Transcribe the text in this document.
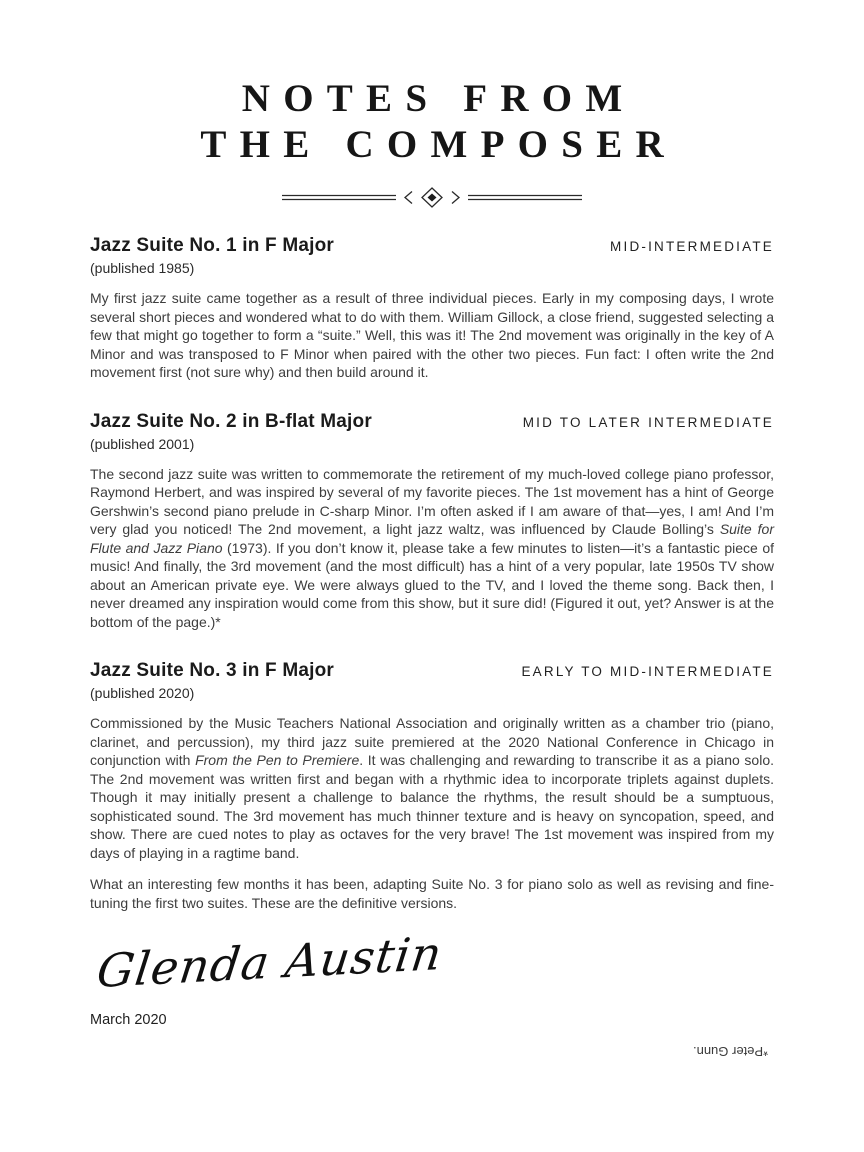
NOTES FROM
THE COMPOSER
Jazz Suite No. 1 in F Major	MID-INTERMEDIATE
(published 1985)

My first jazz suite came together as a result of three individual pieces. Early in my composing days, I wrote several short pieces and wondered what to do with them. William Gillock, a close friend, suggested selecting a few that might go together to form a “suite.” Well, this was it! The 2nd movement was originally in the key of A Minor and was transposed to F Minor when paired with the other two pieces. Fun fact: I often write the 2nd movement first (not sure why) and then build around it.

Jazz Suite No. 2 in B-flat Major	MID TO LATER INTERMEDIATE
(published 2001)

The second jazz suite was written to commemorate the retirement of my much-loved college piano professor, Raymond Herbert, and was inspired by several of my favorite pieces. The 1st movement has a hint of George Gershwin’s second piano prelude in C-sharp Minor. I’m often asked if I am aware of that—yes, I am! And I’m very glad you noticed! The 2nd movement, a light jazz waltz, was influenced by Claude Bolling’s Suite for Flute and Jazz Piano (1973). If you don’t know it, please take a few minutes to listen—it’s a fantastic piece of music! And finally, the 3rd movement (and the most difficult) has a hint of a very popular, late 1950s TV show about an American private eye. We were always glued to the TV, and I loved the theme song. Back then, I never dreamed any inspiration would come from this show, but it sure did! (Figured it out, yet? Answer is at the bottom of the page.)*

Jazz Suite No. 3 in F Major	EARLY TO MID-INTERMEDIATE
(published 2020)

Commissioned by the Music Teachers National Association and originally written as a chamber trio (piano, clarinet, and percussion), my third jazz suite premiered at the 2020 National Conference in Chicago in conjunction with From the Pen to Premiere. It was challenging and rewarding to transcribe it as a piano solo. The 2nd movement was written first and began with a rhythmic idea to incorporate triplets against duplets. Though it may initially present a challenge to balance the rhythms, the result should be a sumptuous, sophisticated sound. The 3rd movement has much thinner texture and is heavy on syncopation, speed, and show. There are cued notes to play as octaves for the very brave! The 1st movement was inspired from my days of playing in a ragtime band.

What an interesting few months it has been, adapting Suite No. 3 for piano solo as well as revising and fine-tuning the first two suites. These are the definitive versions.

Glenda Austin
March 2020
*Peter Gunn.
